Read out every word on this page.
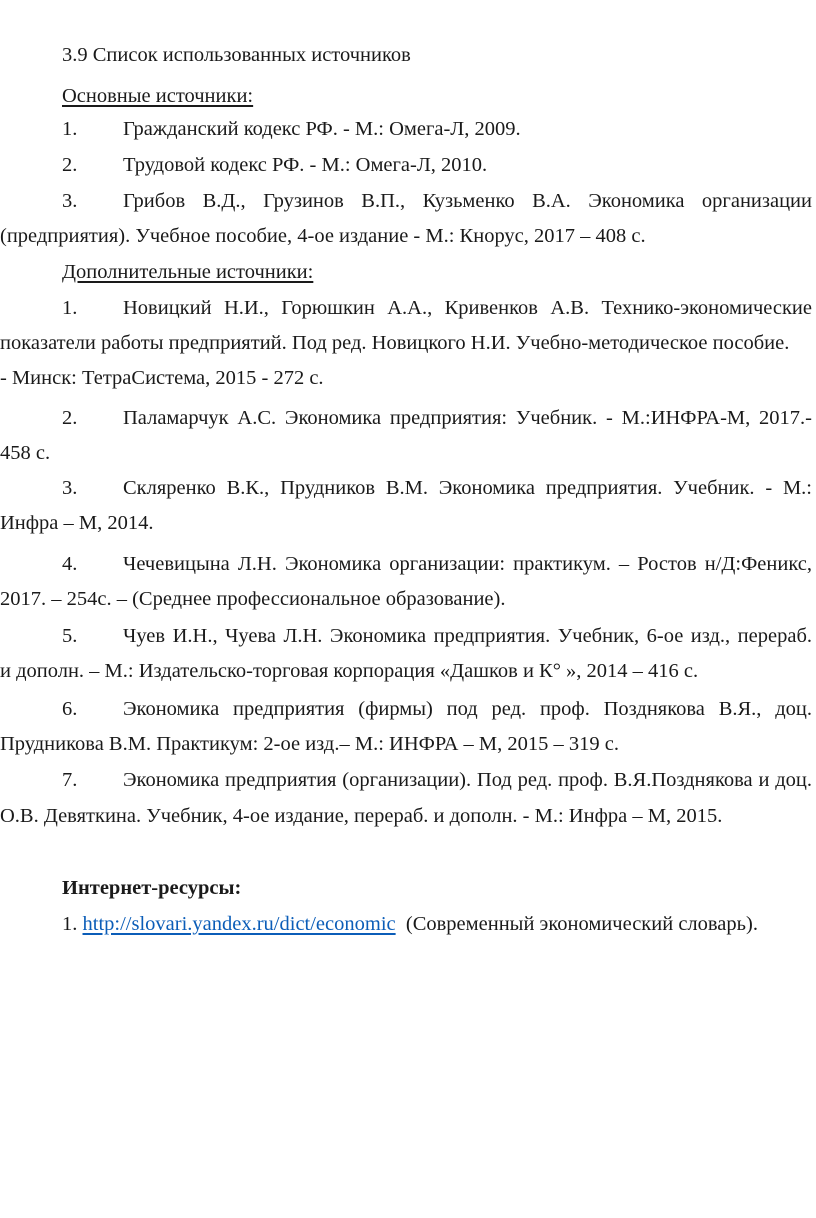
3.9 Список использованных источников
Основные источники:
1. Гражданский кодекс РФ. - М.: Омега-Л, 2009.
2. Трудовой кодекс РФ. - М.: Омега-Л, 2010.
3. Грибов В.Д., Грузинов В.П., Кузьменко В.А. Экономика организации
(предприятия). Учебное пособие, 4-ое издание - М.: Кнорус, 2017 – 408 с.
Дополнительные источники:
1. Новицкий Н.И., Горюшкин А.А., Кривенков А.В. Технико-экономические
показатели работы предприятий. Под ред. Новицкого Н.И. Учебно-методическое пособие.
- Минск: ТетраСистема, 2015 - 272 с.
2. Паламарчук А.С. Экономика предприятия: Учебник. - М.:ИНФРА-М, 2017.-
458 с.
3. Скляренко В.К., Прудников В.М. Экономика предприятия. Учебник. - М.:
Инфра – М, 2014.
4. Чечевицына Л.Н. Экономика организации: практикум. – Ростов н/Д:Феникс,
2017. – 254с. – (Среднее профессиональное образование).
5. Чуев И.Н., Чуева Л.Н. Экономика предприятия. Учебник, 6-ое изд., перераб.
и дополн. – М.: Издательско-торговая корпорация «Дашков и К° », 2014 – 416 с.
6. Экономика предприятия (фирмы) под ред. проф. Позднякова В.Я., доц.
Прудникова В.М. Практикум: 2-ое изд.– М.: ИНФРА – М, 2015 – 319 с.
7. Экономика предприятия (организации). Под ред. проф. В.Я.Позднякова и доц.
О.В. Девяткина. Учебник, 4-ое издание, перераб. и дополн. - М.: Инфра – М, 2015.
Интернет-ресурсы:
1. http://slovari.yandex.ru/dict/economic (Современный экономический словарь).
